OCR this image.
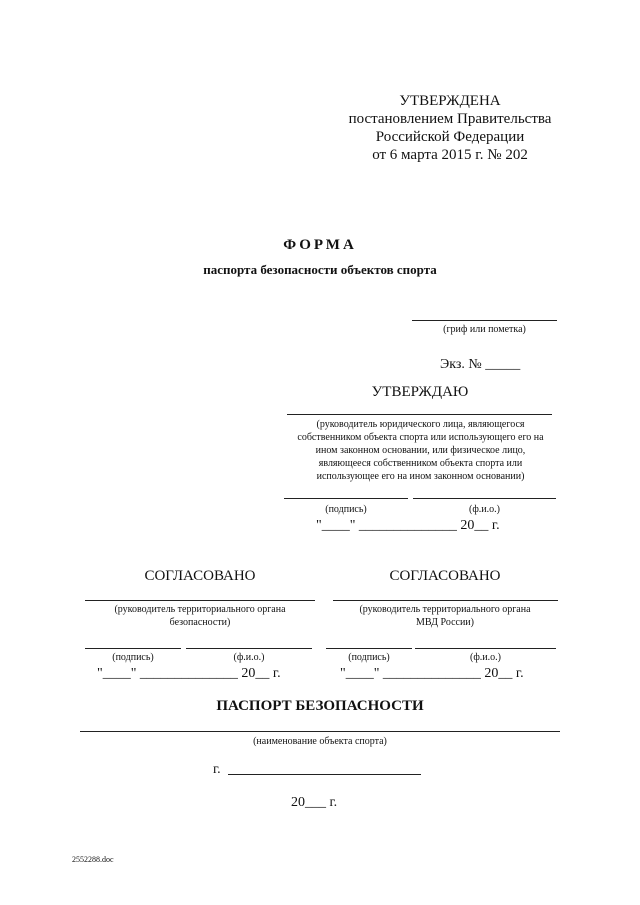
УТВЕРЖДЕНА
постановлением Правительства
Российской Федерации
от 6 марта 2015 г. № 202
ФОРМА
паспорта безопасности объектов спорта
(гриф или пометка)
Экз. № _____
УТВЕРЖДАЮ
(руководитель юридического лица, являющегося
собственником объекта спорта или использующего его на
ином законном основании, или физическое лицо,
являющееся собственником объекта спорта или
использующее его на ином законном основании)
(подпись)	(ф.и.о.)
"____" ______________ 20__ г.
СОГЛАСОВАНО
(руководитель территориального органа
безопасности)
(подпись)	(ф.и.о.)
"____" ______________ 20__ г.
СОГЛАСОВАНО
(руководитель территориального органа
МВД России)
(подпись)	(ф.и.о.)
"____" ______________ 20__ г.
ПАСПОРТ БЕЗОПАСНОСТИ
(наименование объекта спорта)
г.
20___ г.
2552288.doc
